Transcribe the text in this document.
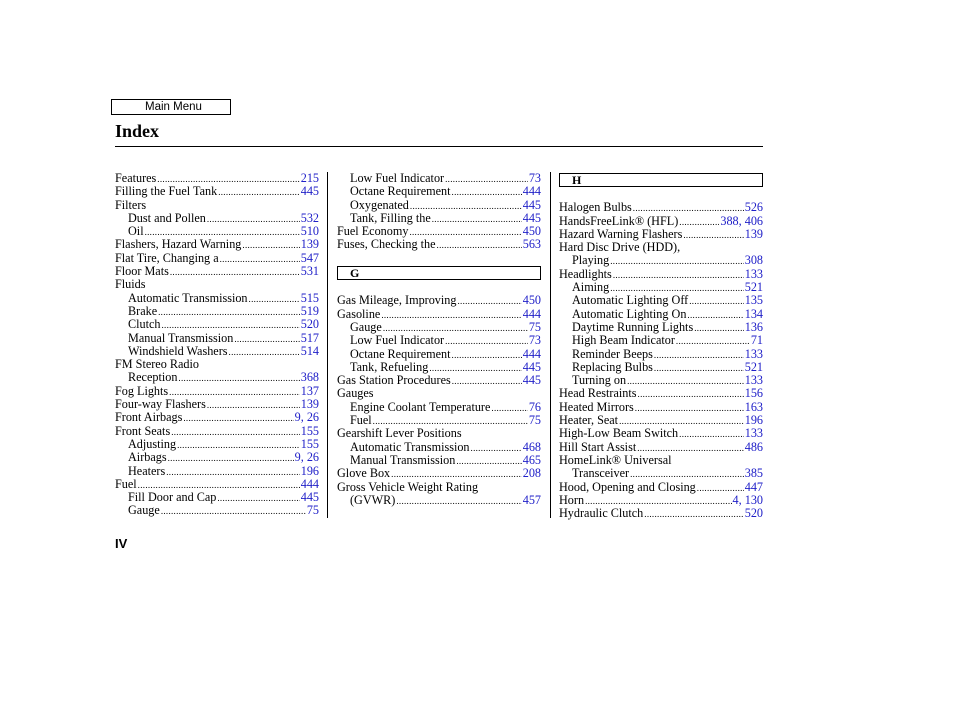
Main Menu
Index
Features .....	215
Filling the Fuel Tank .....	445
Filters
Dust and Pollen .....	532
Oil .....	510
Flashers, Hazard Warning .....	139
Flat Tire, Changing a .....	547
Floor Mats .....	531
Fluids
Automatic Transmission .....	515
Brake .....	519
Clutch .....	520
Manual Transmission .....	517
Windshield Washers .....	514
FM Stereo Radio
Reception .....	368
Fog Lights .....	137
Four-way Flashers .....	139
Front Airbags .....	9, 26
Front Seats .....	155
Adjusting .....	155
Airbags .....	9, 26
Heaters .....	196
Fuel .....	444
Fill Door and Cap .....	445
Gauge .....	75
Low Fuel Indicator .....	73
Octane Requirement .....	444
Oxygenated .....	445
Tank, Filling the .....	445
Fuel Economy .....	450
Fuses, Checking the .....	563
G
Gas Mileage, Improving .....	450
Gasoline .....	444
Gauge .....	75
Low Fuel Indicator .....	73
Octane Requirement .....	444
Tank, Refueling .....	445
Gas Station Procedures .....	445
Gauges
Engine Coolant Temperature .....	76
Fuel .....	75
Gearshift Lever Positions
Automatic Transmission .....	468
Manual Transmission .....	465
Glove Box .....	208
Gross Vehicle Weight Rating
(GVWR) .....	457
H
Halogen Bulbs .....	526
HandsFreeLink® (HFL) .....	388, 406
Hazard Warning Flashers .....	139
Hard Disc Drive (HDD),
Playing .....	308
Headlights .....	133
Aiming .....	521
Automatic Lighting Off .....	135
Automatic Lighting On .....	134
Daytime Running Lights .....	136
High Beam Indicator .....	71
Reminder Beeps .....	133
Replacing Bulbs .....	521
Turning on .....	133
Head Restraints .....	156
Heated Mirrors .....	163
Heater, Seat .....	196
High-Low Beam Switch .....	133
Hill Start Assist .....	486
HomeLink® Universal
Transceiver .....	385
Hood, Opening and Closing .....	447
Horn .....	4, 130
Hydraulic Clutch .....	520
IV
